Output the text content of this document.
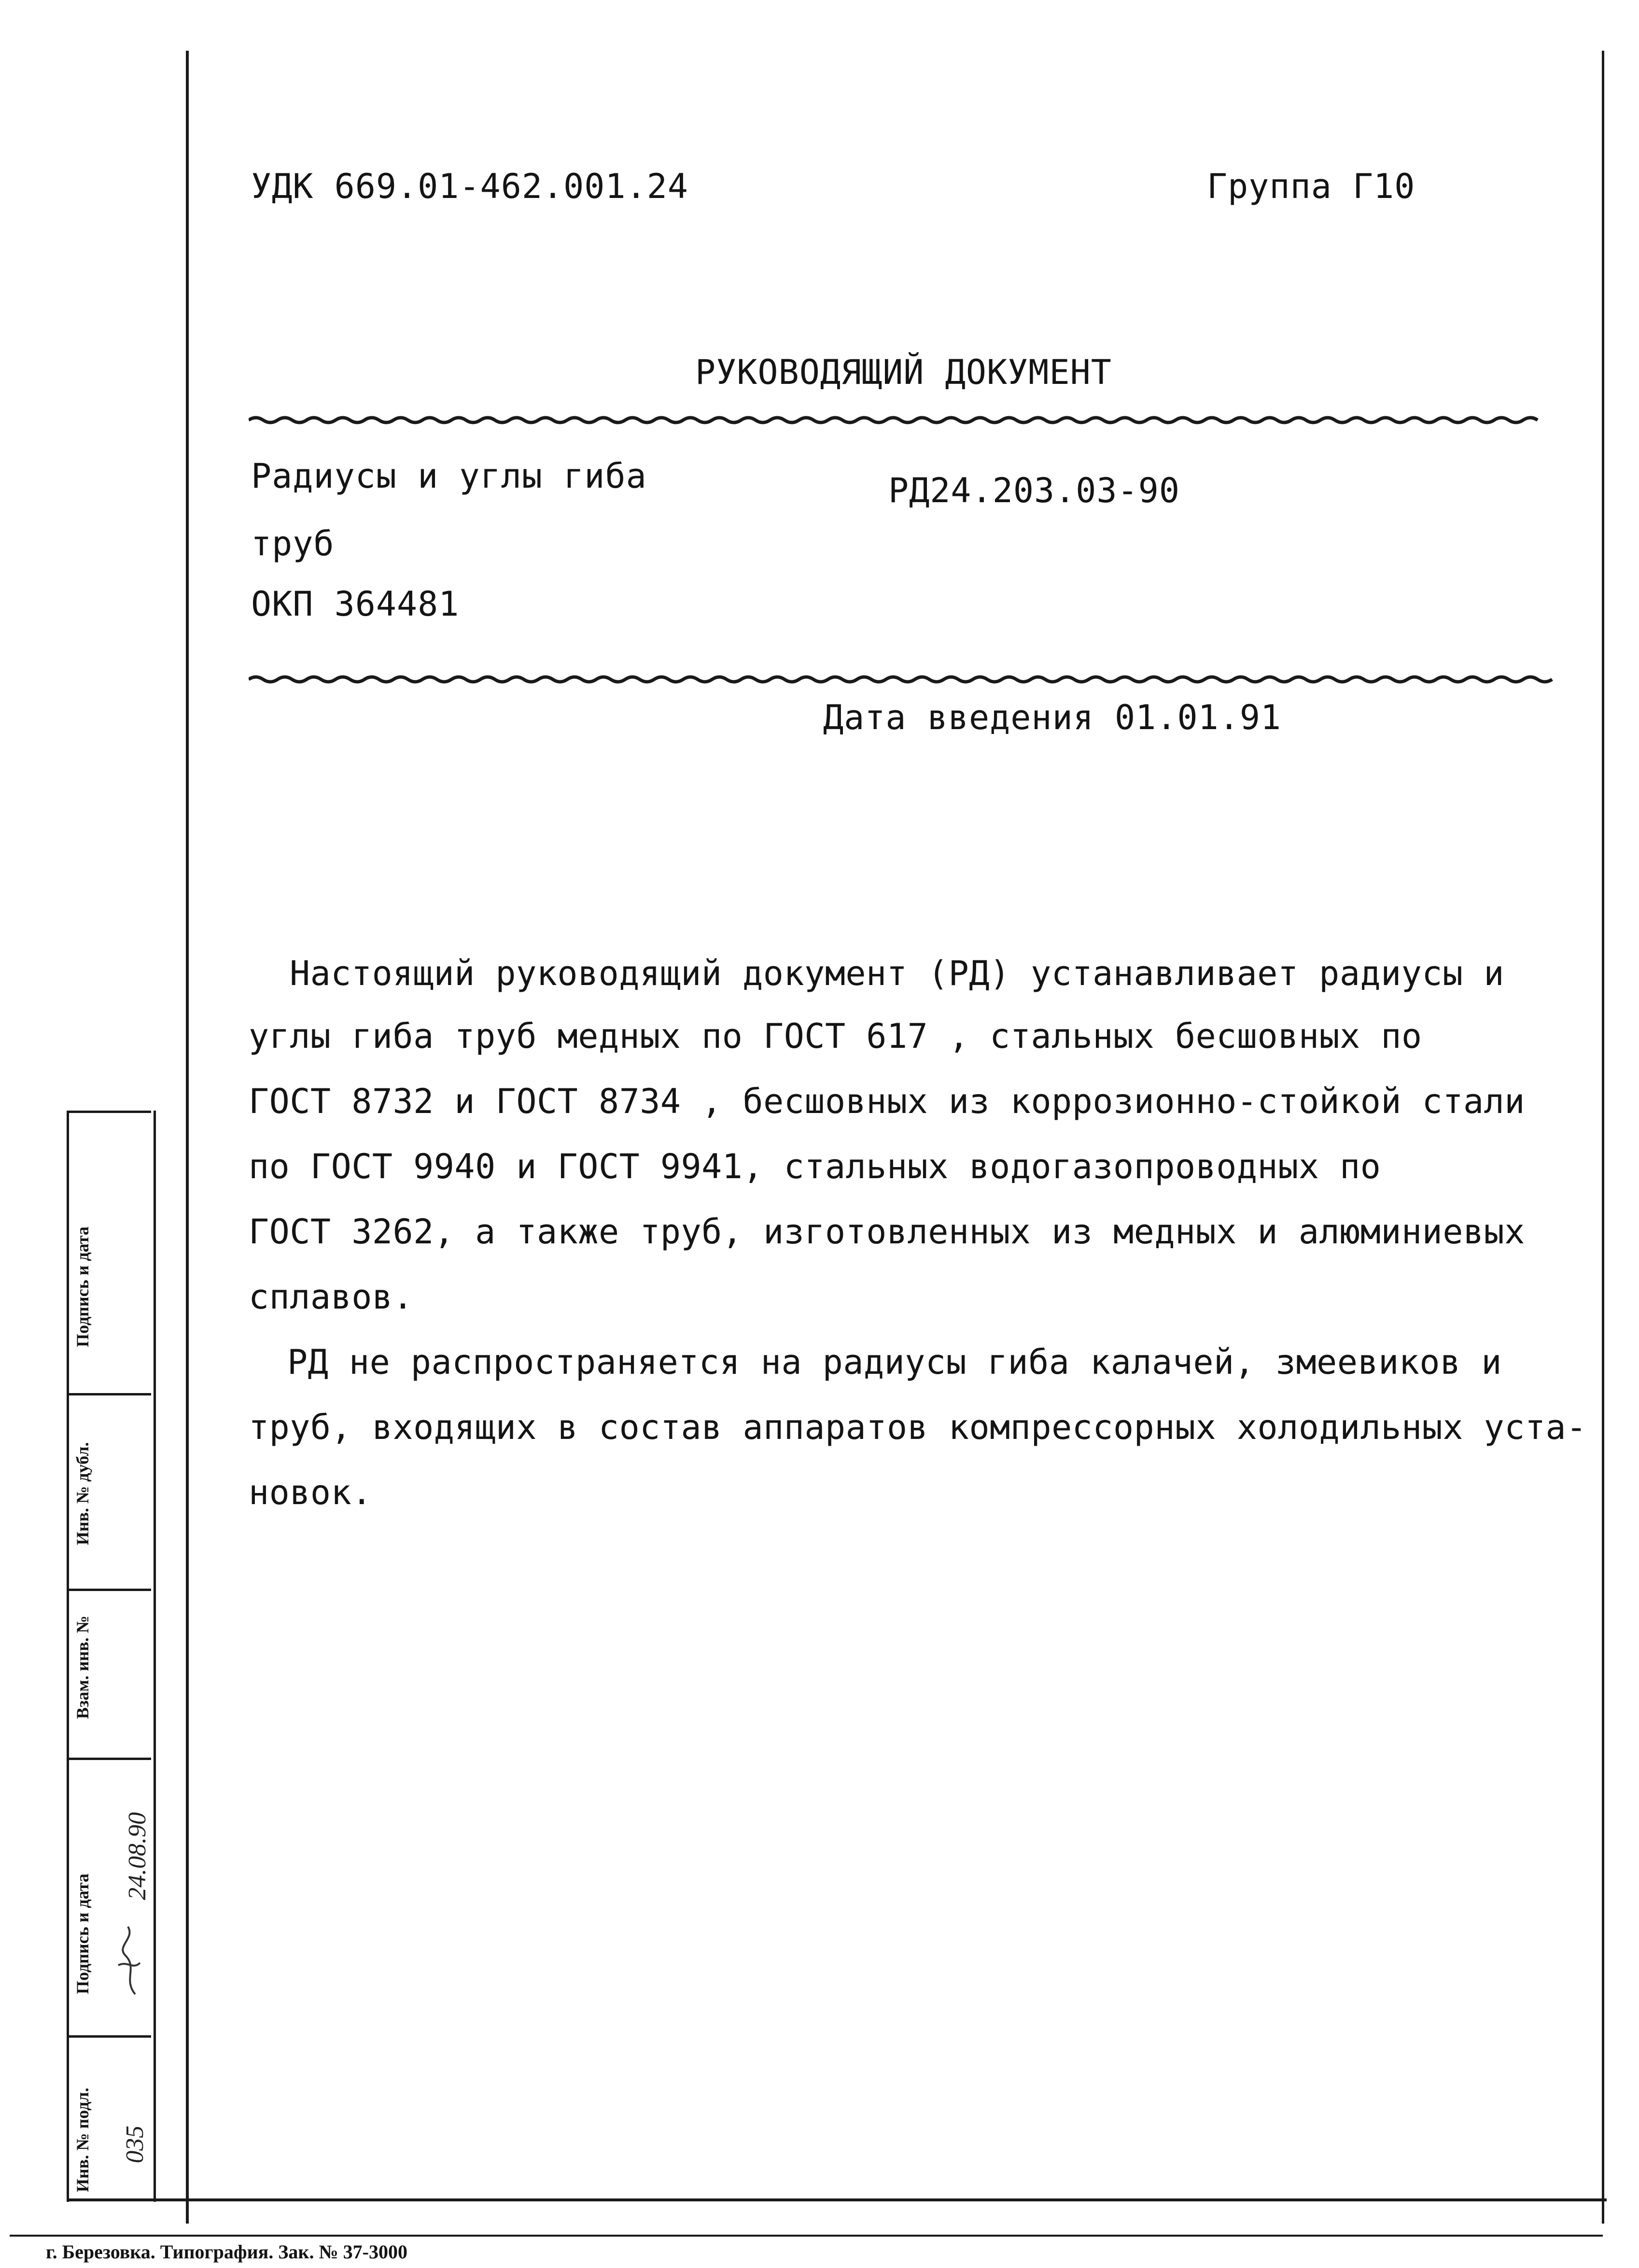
УДК 669.01-462.001.24	Группа Г10
РУКОВОДЯЩИЙ ДОКУМЕНТ
Радиусы и углы гиба	РД24.203.03-90
труб
ОКП 364481
Дата введения 01.01.91
Настоящий руководящий документ (РД) устанавливает радиусы и
углы гиба труб медных по ГОСТ 617 , стальных бесшовных по
ГОСТ 8732 и ГОСТ 8734 , бесшовных из коррозионно-стойкой стали
по ГОСТ 9940 и ГОСТ 9941, стальных водогазопроводных по
ГОСТ 3262, а также труб, изготовленных из медных и алюминиевых
сплавов.
РД не распространяется на радиусы гиба калачей, змеевиков и
труб, входящих в состав аппаратов компрессорных холодильных уста-
новок.
Подпись и дата
Инв. № дубл.
Взам. инв. №
Подпись и дата
Инв. № подл.
24.08.90
035
г. Березовка. Типография. Зак. № 37-3000
